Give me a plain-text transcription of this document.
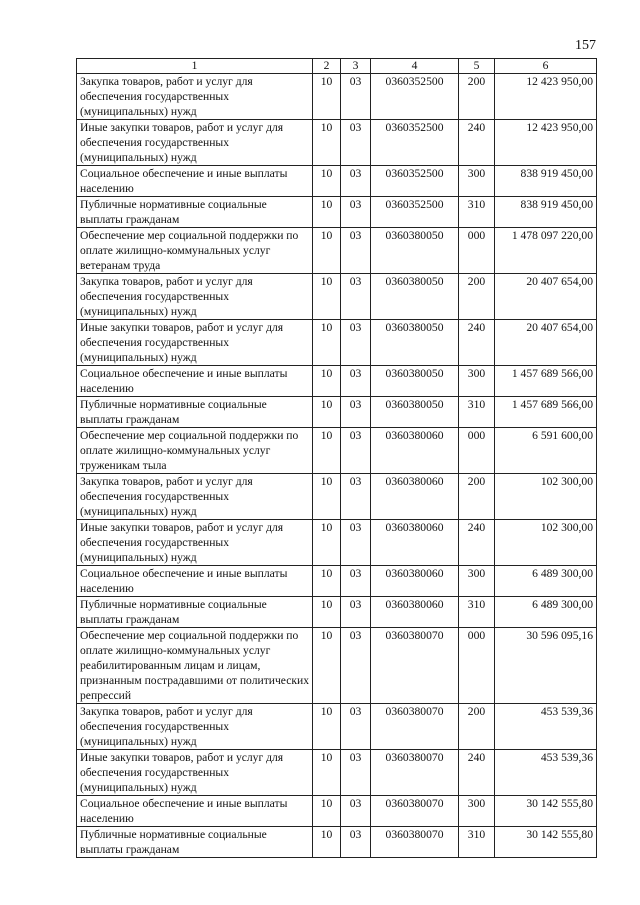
157
1	2	3	4	5	6
Закупка товаров, работ и услуг для обеспечения государственных (муниципальных) нужд	10	03	0360352500	200	12 423 950,00
Иные закупки товаров, работ и услуг для обеспечения государственных (муниципальных) нужд	10	03	0360352500	240	12 423 950,00
Социальное обеспечение и иные выплаты населению	10	03	0360352500	300	838 919 450,00
Публичные нормативные социальные выплаты гражданам	10	03	0360352500	310	838 919 450,00
Обеспечение мер социальной поддержки по оплате жилищно-коммунальных услуг ветеранам труда	10	03	0360380050	000	1 478 097 220,00
Закупка товаров, работ и услуг для обеспечения государственных (муниципальных) нужд	10	03	0360380050	200	20 407 654,00
Иные закупки товаров, работ и услуг для обеспечения государственных (муниципальных) нужд	10	03	0360380050	240	20 407 654,00
Социальное обеспечение и иные выплаты населению	10	03	0360380050	300	1 457 689 566,00
Публичные нормативные социальные выплаты гражданам	10	03	0360380050	310	1 457 689 566,00
Обеспечение мер социальной поддержки по оплате жилищно-коммунальных услуг труженикам тыла	10	03	0360380060	000	6 591 600,00
Закупка товаров, работ и услуг для обеспечения государственных (муниципальных) нужд	10	03	0360380060	200	102 300,00
Иные закупки товаров, работ и услуг для обеспечения государственных (муниципальных) нужд	10	03	0360380060	240	102 300,00
Социальное обеспечение и иные выплаты населению	10	03	0360380060	300	6 489 300,00
Публичные нормативные социальные выплаты гражданам	10	03	0360380060	310	6 489 300,00
Обеспечение мер социальной поддержки по оплате жилищно-коммунальных услуг реабилитированным лицам и лицам, признанным пострадавшими от политических репрессий	10	03	0360380070	000	30 596 095,16
Закупка товаров, работ и услуг для обеспечения государственных (муниципальных) нужд	10	03	0360380070	200	453 539,36
Иные закупки товаров, работ и услуг для обеспечения государственных (муниципальных) нужд	10	03	0360380070	240	453 539,36
Социальное обеспечение и иные выплаты населению	10	03	0360380070	300	30 142 555,80
Публичные нормативные социальные выплаты гражданам	10	03	0360380070	310	30 142 555,80
